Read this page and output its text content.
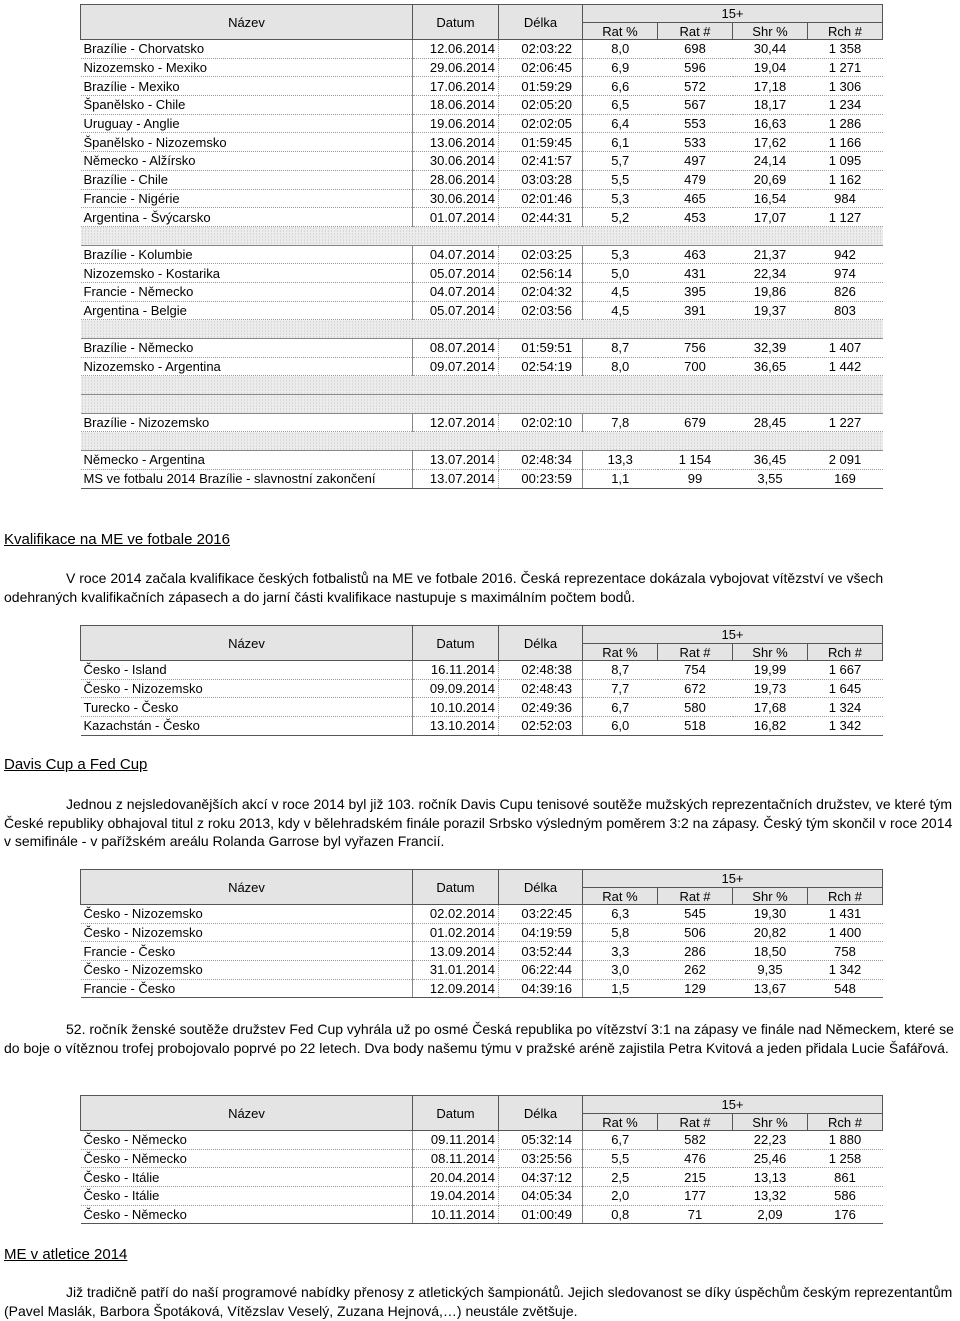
Název	Datum	Délka	15+			
			Rat %	Rat #	Shr %	Rch #
Brazílie - Chorvatsko	12.06.2014	02:03:22	8,0	698	30,44	1 358
Nizozemsko - Mexiko	29.06.2014	02:06:45	6,9	596	19,04	1 271
Brazílie - Mexiko	17.06.2014	01:59:29	6,6	572	17,18	1 306
Španělsko - Chile	18.06.2014	02:05:20	6,5	567	18,17	1 234
Uruguay - Anglie	19.06.2014	02:02:05	6,4	553	16,63	1 286
Španělsko - Nizozemsko	13.06.2014	01:59:45	6,1	533	17,62	1 166
Německo - Alžírsko	30.06.2014	02:41:57	5,7	497	24,14	1 095
Brazílie - Chile	28.06.2014	03:03:28	5,5	479	20,69	1 162
Francie - Nigérie	30.06.2014	02:01:46	5,3	465	16,54	984
Argentina - Švýcarsko	01.07.2014	02:44:31	5,2	453	17,07	1 127

Brazílie - Kolumbie	04.07.2014	02:03:25	5,3	463	21,37	942
Nizozemsko - Kostarika	05.07.2014	02:56:14	5,0	431	22,34	974
Francie - Německo	04.07.2014	02:04:32	4,5	395	19,86	826
Argentina - Belgie	05.07.2014	02:03:56	4,5	391	19,37	803

Brazílie - Německo	08.07.2014	01:59:51	8,7	756	32,39	1 407
Nizozemsko - Argentina	09.07.2014	02:54:19	8,0	700	36,65	1 442

Brazílie - Nizozemsko	12.07.2014	02:02:10	7,8	679	28,45	1 227

Německo - Argentina	13.07.2014	02:48:34	13,3	1 154	36,45	2 091
MS ve fotbalu 2014 Brazílie - slavnostní zakončení	13.07.2014	00:23:59	1,1	99	3,55	169
Kvalifikace na ME ve fotbale 2016

V roce 2014 začala kvalifikace českých fotbalistů na ME ve fotbale 2016. Česká reprezentace dokázala vybojovat vítězství ve všech odehraných kvalifikačních zápasech a do jarní části kvalifikace nastupuje s maximálním počtem bodů.

Název	Datum	Délka	15+			
			Rat %	Rat #	Shr %	Rch #
Česko - Island	16.11.2014	02:48:38	8,7	754	19,99	1 667
Česko - Nizozemsko	09.09.2014	02:48:43	7,7	672	19,73	1 645
Turecko - Česko	10.10.2014	02:49:36	6,7	580	17,68	1 324
Kazachstán - Česko	13.10.2014	02:52:03	6,0	518	16,82	1 342
Davis Cup a Fed Cup

Jednou z nejsledovanějších akcí v roce 2014 byl již 103. ročník Davis Cupu tenisové soutěže mužských reprezentačních družstev, ve které tým České republiky obhajoval titul z roku 2013, kdy v bělehradském finále porazil Srbsko výsledným poměrem 3:2 na zápasy. Český tým skončil v roce 2014 v semifinále - v pařížském areálu Rolanda Garrose byl vyřazen Francií.

Název	Datum	Délka	15+			
			Rat %	Rat #	Shr %	Rch #
Česko - Nizozemsko	02.02.2014	03:22:45	6,3	545	19,30	1 431
Česko - Nizozemsko	01.02.2014	04:19:59	5,8	506	20,82	1 400
Francie - Česko	13.09.2014	03:52:44	3,3	286	18,50	758
Česko - Nizozemsko	31.01.2014	06:22:44	3,0	262	9,35	1 342
Francie - Česko	12.09.2014	04:39:16	1,5	129	13,67	548

52. ročník ženské soutěže družstev Fed Cup vyhrála už po osmé Česká republika po vítězství 3:1 na zápasy ve finále nad Německem, které se do boje o vítěznou trofej probojovalo poprvé po 22 letech. Dva body našemu týmu v pražské aréně zajistila Petra Kvitová a jeden přidala Lucie Šafářová.

Název	Datum	Délka	15+			
			Rat %	Rat #	Shr %	Rch #
Česko - Německo	09.11.2014	05:32:14	6,7	582	22,23	1 880
Česko - Německo	08.11.2014	03:25:56	5,5	476	25,46	1 258
Česko - Itálie	20.04.2014	04:37:12	2,5	215	13,13	861
Česko - Itálie	19.04.2014	04:05:34	2,0	177	13,32	586
Česko - Německo	10.11.2014	01:00:49	0,8	71	2,09	176
ME v atletice 2014

Již tradičně patří do naší programové nabídky přenosy z atletických šampionátů. Jejich sledovanost se díky úspěchům českým reprezentantům (Pavel Maslák, Barbora Špotáková, Vítězslav Veselý, Zuzana Hejnová,…) neustále zvětšuje.
